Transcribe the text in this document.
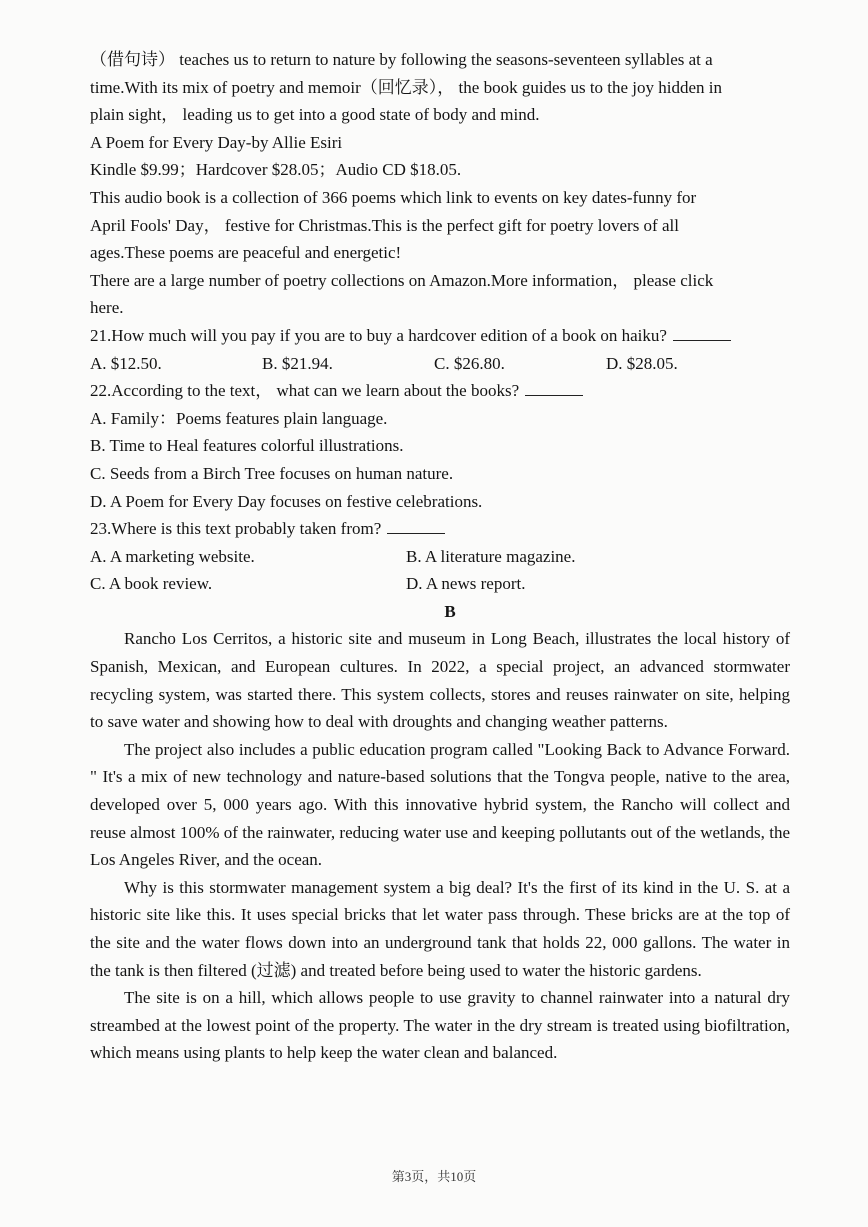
（借句诗） teaches us to return to nature by following the seasons-seventeen syllables at a
time.With its mix of poetry and memoir（回忆录）， the book guides us to the joy hidden in
plain sight， leading us to get into a good state of body and mind.
A Poem for Every Day-by Allie Esiri
Kindle $9.99；Hardcover $28.05；Audio CD $18.05.
This audio book is a collection of 366 poems which link to events on key dates-funny for
April Fools' Day， festive for Christmas.This is the perfect gift for poetry lovers of all
ages.These poems are peaceful and energetic!
There are a large number of poetry collections on Amazon.More information， please click
here.
21.How much will you pay if you are to buy a hardcover edition of a book on haiku?
A. $12.50.	B. $21.94.	C. $26.80.	D. $28.05.
22.According to the text， what can we learn about the books?
A. Family：Poems features plain language.
B. Time to Heal features colorful illustrations.
C. Seeds from a Birch Tree focuses on human nature.
D. A Poem for Every Day focuses on festive celebrations.
23.Where is this text probably taken from?
A. A marketing website.	B. A literature magazine.
C. A book review.	D. A news report.
B

Rancho Los Cerritos, a historic site and museum in Long Beach, illustrates the local history of Spanish, Mexican, and European cultures. In 2022, a special project, an advanced stormwater recycling system, was started there. This system collects, stores and reuses rainwater on site, helping to save water and showing how to deal with droughts and changing weather patterns.

The project also includes a public education program called "Looking Back to Advance Forward. " It's a mix of new technology and nature-based solutions that the Tongva people, native to the area, developed over 5, 000 years ago. With this innovative hybrid system, the Rancho will collect and reuse almost 100% of the rainwater, reducing water use and keeping pollutants out of the wetlands, the Los Angeles River, and the ocean.

Why is this stormwater management system a big deal? It's the first of its kind in the U. S. at a historic site like this. It uses special bricks that let water pass through. These bricks are at the top of the site and the water flows down into an underground tank that holds 22, 000 gallons. The water in the tank is then filtered (过滤) and treated before being used to water the historic gardens.

The site is on a hill, which allows people to use gravity to channel rainwater into a natural dry streambed at the lowest point of the property. The water in the dry stream is treated using biofiltration, which means using plants to help keep the water clean and balanced.

第3页，共10页
